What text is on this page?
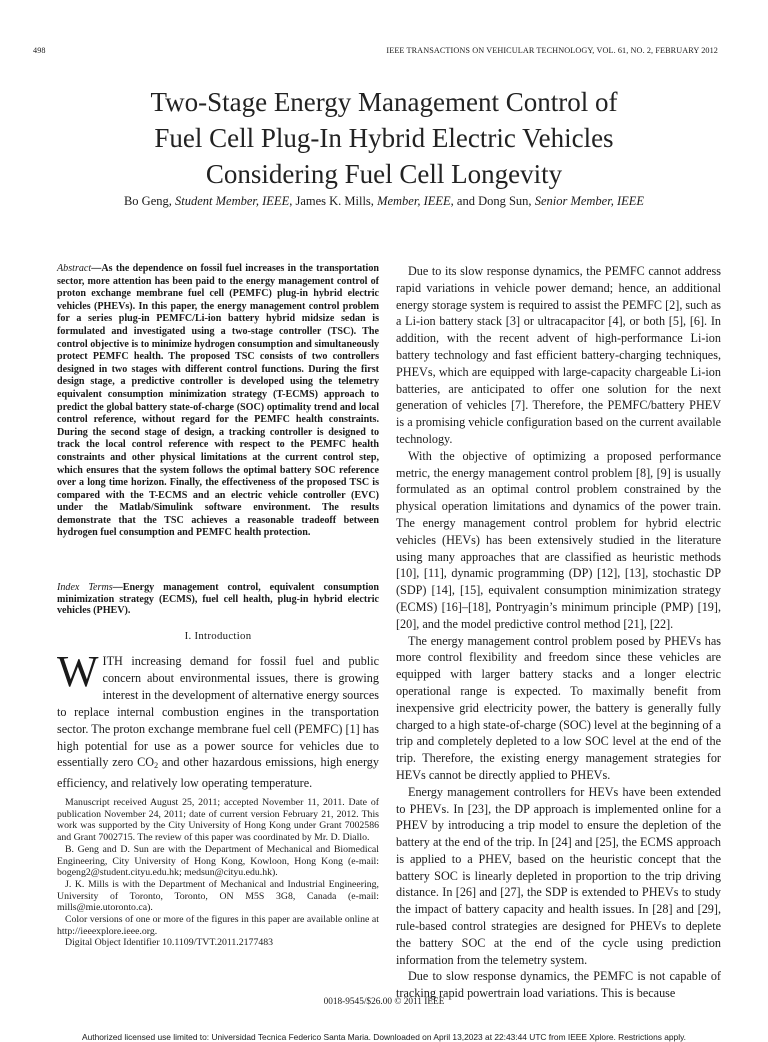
498	IEEE TRANSACTIONS ON VEHICULAR TECHNOLOGY, VOL. 61, NO. 2, FEBRUARY 2012
Two-Stage Energy Management Control of
Fuel Cell Plug-In Hybrid Electric Vehicles
Considering Fuel Cell Longevity
Bo Geng, Student Member, IEEE, James K. Mills, Member, IEEE, and Dong Sun, Senior Member, IEEE

Abstract—As the dependence on fossil fuel increases in the transportation sector, more attention has been paid to the energy management control of proton exchange membrane fuel cell (PEMFC) plug-in hybrid electric vehicles (PHEVs). In this paper, the energy management control problem for a series plug-in PEMFC/Li-ion battery hybrid midsize sedan is formulated and investigated using a two-stage controller (TSC). The control objective is to minimize hydrogen consumption and simultaneously protect PEMFC health. The proposed TSC consists of two controllers designed in two stages with different control functions. During the first design stage, a predictive controller is developed using the telemetry equivalent consumption minimization strategy (T-ECMS) approach to predict the global battery state-of-charge (SOC) optimality trend and local control reference, without regard for the PEMFC health constraints. During the second stage of design, a tracking controller is designed to track the local control reference with respect to the PEMFC health constraints and other physical limitations at the current control step, which ensures that the system follows the optimal battery SOC reference over a long time horizon. Finally, the effectiveness of the proposed TSC is compared with the T-ECMS and an electric vehicle controller (EVC) under the Matlab/Simulink software environment. The results demonstrate that the TSC achieves a reasonable tradeoff between hydrogen fuel consumption and PEMFC health protection.

Index Terms—Energy management control, equivalent consumption minimization strategy (ECMS), fuel cell health, plug-in hybrid electric vehicles (PHEV).

I. Introduction

WITH increasing demand for fossil fuel and public concern about environmental issues, there is growing interest in the development of alternative energy sources to replace internal combustion engines in the transportation sector. The proton exchange membrane fuel cell (PEMFC) [1] has high potential for use as a power source for vehicles due to essentially zero $CO_2$ and other hazardous emissions, high energy efficiency, and relatively low operating temperature.

Manuscript received August 25, 2011; accepted November 11, 2011. Date of publication November 24, 2011; date of current version February 21, 2012. This work was supported by the City University of Hong Kong under Grant 7002586 and Grant 7002715. The review of this paper was coordinated by Mr. D. Diallo.

B. Geng and D. Sun are with the Department of Mechanical and Biomedical Engineering, City University of Hong Kong, Kowloon, Hong Kong (e-mail: bogeng2@student.cityu.edu.hk; medsun@cityu.edu.hk).

J. K. Mills is with the Department of Mechanical and Industrial Engineering, University of Toronto, Toronto, ON M5S 3G8, Canada (e-mail: mills@mie.utoronto.ca).

Color versions of one or more of the figures in this paper are available online at http://ieeexplore.ieee.org.

Digital Object Identifier 10.1109/TVT.2011.2177483

Due to its slow response dynamics, the PEMFC cannot address rapid variations in vehicle power demand; hence, an additional energy storage system is required to assist the PEMFC [2], such as a Li-ion battery stack [3] or ultracapacitor [4], or both [5], [6]. In addition, with the recent advent of high-performance Li-ion battery technology and fast efficient battery-charging techniques, PHEVs, which are equipped with large-capacity chargeable Li-ion batteries, are anticipated to offer one solution for the next generation of vehicles [7]. Therefore, the PEMFC/battery PHEV is a promising vehicle configuration based on the current available technology.

With the objective of optimizing a proposed performance metric, the energy management control problem [8], [9] is usually formulated as an optimal control problem constrained by the physical operation limitations and dynamics of the power train. The energy management control problem for hybrid electric vehicles (HEVs) has been extensively studied in the literature using many approaches that are classified as heuristic methods [10], [11], dynamic programming (DP) [12], [13], stochastic DP (SDP) [14], [15], equivalent consumption minimization strategy (ECMS) [16]–[18], Pontryagin’s minimum principle (PMP) [19], [20], and the model predictive control method [21], [22].

The energy management control problem posed by PHEVs has more control flexibility and freedom since these vehicles are equipped with larger battery stacks and a longer electric operational range is expected. To maximally benefit from inexpensive grid electricity power, the battery is generally fully charged to a high state-of-charge (SOC) level at the beginning of a trip and completely depleted to a low SOC level at the end of the trip. Therefore, the existing energy management strategies for HEVs cannot be directly applied to PHEVs.

Energy management controllers for HEVs have been extended to PHEVs. In [23], the DP approach is implemented online for a PHEV by introducing a trip model to ensure the depletion of the battery at the end of the trip. In [24] and [25], the ECMS approach is applied to a PHEV, based on the heuristic concept that the battery SOC is linearly depleted in proportion to the trip driving distance. In [26] and [27], the SDP is extended to PHEVs to study the impact of battery capacity and health issues. In [28] and [29], rule-based control strategies are designed for PHEVs to deplete the battery SOC at the end of the cycle using prediction information from the telemetry system.

Due to slow response dynamics, the PEMFC is not capable of tracking rapid powertrain load variations. This is because

0018-9545/$26.00 © 2011 IEEE
Authorized licensed use limited to: Universidad Tecnica Federico Santa Maria. Downloaded on April 13,2023 at 22:43:44 UTC from IEEE Xplore. Restrictions apply.
